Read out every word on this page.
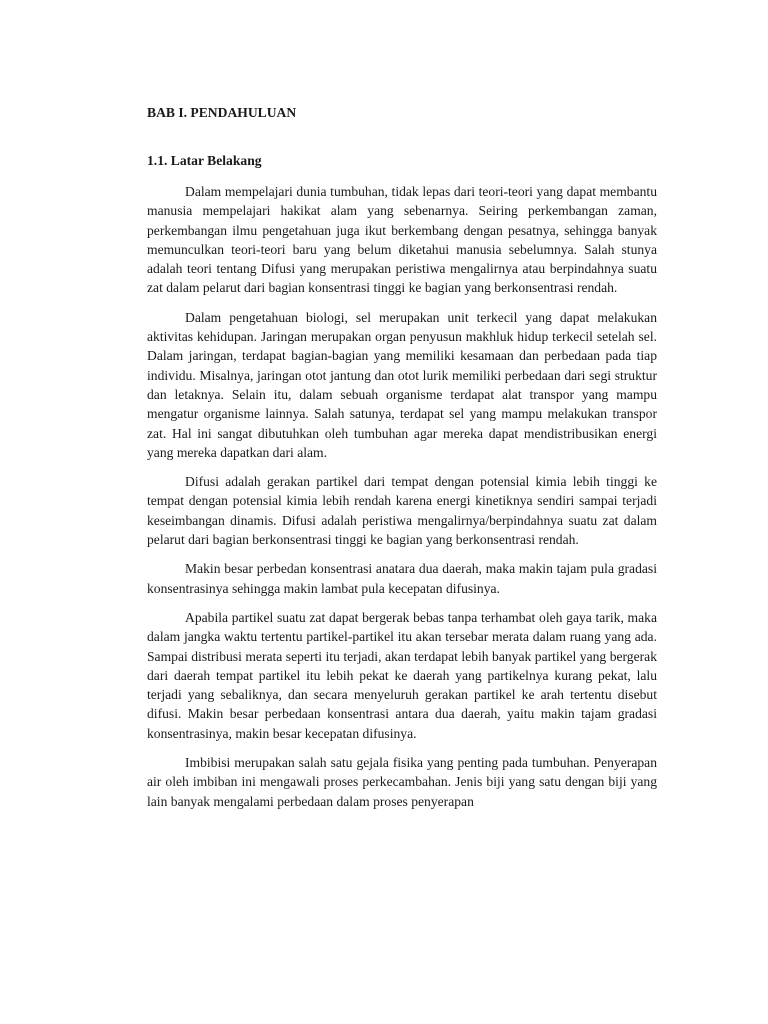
BAB I. PENDAHULUAN

1.1. Latar Belakang

Dalam mempelajari dunia tumbuhan, tidak lepas dari teori-teori yang dapat membantu manusia mempelajari hakikat alam yang sebenarnya. Seiring perkembangan zaman, perkembangan ilmu pengetahuan juga ikut berkembang dengan pesatnya, sehingga banyak memunculkan teori-teori baru yang belum diketahui manusia sebelumnya. Salah stunya adalah teori tentang Difusi yang merupakan peristiwa mengalirnya atau berpindahnya suatu zat dalam pelarut dari bagian konsentrasi tinggi ke bagian yang berkonsentrasi rendah.

Dalam pengetahuan biologi, sel merupakan unit terkecil yang dapat melakukan aktivitas kehidupan. Jaringan merupakan organ penyusun makhluk hidup terkecil setelah sel. Dalam jaringan, terdapat bagian-bagian yang memiliki kesamaan dan perbedaan pada tiap individu. Misalnya, jaringan otot jantung dan otot lurik memiliki perbedaan dari segi struktur dan letaknya. Selain itu, dalam sebuah organisme terdapat alat transpor yang mampu mengatur organisme lainnya. Salah satunya, terdapat sel yang mampu melakukan transpor zat. Hal ini sangat dibutuhkan oleh tumbuhan agar mereka dapat mendistribusikan energi yang mereka dapatkan dari alam.

Difusi adalah gerakan partikel dari tempat dengan potensial kimia lebih tinggi ke tempat dengan potensial kimia lebih rendah karena energi kinetiknya sendiri sampai terjadi keseimbangan dinamis. Difusi adalah peristiwa mengalirnya/berpindahnya suatu zat dalam pelarut dari bagian berkonsentrasi tinggi ke bagian yang berkonsentrasi rendah.

Makin besar perbedan konsentrasi anatara dua daerah, maka makin tajam pula gradasi konsentrasinya sehingga makin lambat pula kecepatan difusinya.

Apabila partikel suatu zat dapat bergerak bebas tanpa terhambat oleh gaya tarik, maka dalam jangka waktu tertentu partikel-partikel itu akan tersebar merata dalam ruang yang ada. Sampai distribusi merata seperti itu terjadi, akan terdapat lebih banyak partikel yang bergerak dari daerah tempat partikel itu lebih pekat ke daerah yang partikelnya kurang pekat, lalu terjadi yang sebaliknya, dan secara menyeluruh gerakan partikel ke arah tertentu disebut difusi. Makin besar perbedaan konsentrasi antara dua daerah, yaitu makin tajam gradasi konsentrasinya, makin besar kecepatan difusinya.

Imbibisi merupakan salah satu gejala fisika yang penting pada tumbuhan. Penyerapan air oleh imbiban ini mengawali proses perkecambahan. Jenis biji yang satu dengan biji yang lain banyak mengalami perbedaan dalam proses penyerapan
